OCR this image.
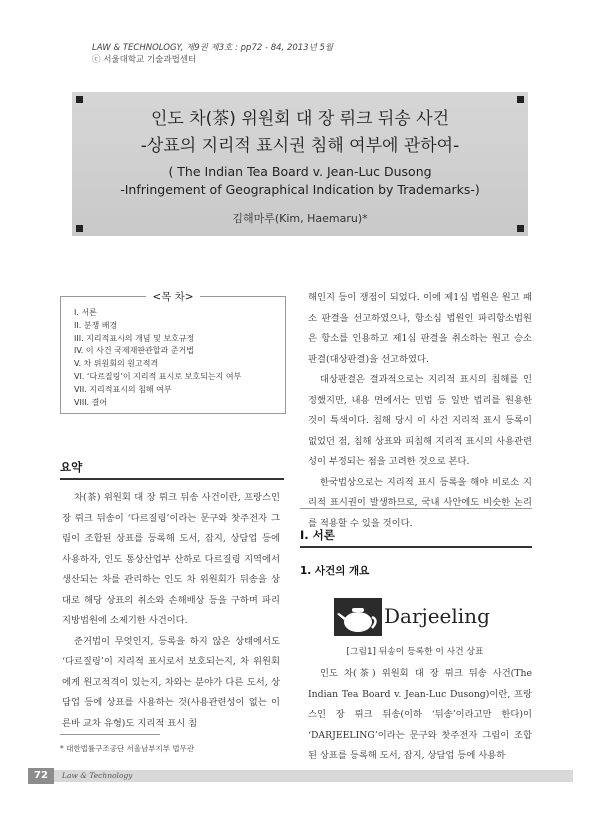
LAW & TECHNOLOGY, 제9권 제3호 : pp72 - 84, 2013년 5월
ⓒ 서울대학교 기술과법센터
인도 차(茶) 위원회 대 장 뤼크 뒤송 사건
-상표의 지리적 표시권 침해 여부에 관하여-
( The Indian Tea Board v. Jean-Luc Dusong
-Infringement of Geographical Indication by Trademarks-)
김해마루(Kim, Haemaru)*
<목 차>
I. 서론
II. 분쟁 배경
III. 지리적표시의 개념 및 보호규정
IV. 이 사건 국제재판관할과 준거법
V. 차 위원회의 원고적격
VI. ‘다르질링’이 지리적 표시로 보호되는지 여부
VII. 지리적표시의 침해 여부
VIII. 결어
요약

차(茶) 위원회 대 장 뤼크 뒤송 사건이란, 프랑스인 장 뤼크 뒤송이 ‘다르질링’이라는 문구와 찻주전자 그림이 조합된 상표를 등록해 도서, 잡지, 상담업 등에 사용하자, 인도 통상산업부 산하로 다르질링 지역에서 생산되는 차를 관리하는 인도 차 위원회가 뒤송을 상대로 해당 상표의 취소와 손해배상 등을 구하며 파리지방법원에 소제기한 사건이다.

준거법이 무엇인지, 등록을 하지 않은 상태에서도 ‘다르질링’이 지리적 표시로서 보호되는지, 차 위원회에게 원고적격이 있는지, 차와는 분야가 다른 도서, 상담업 등에 상표를 사용하는 것(사용관련성이 없는 이른바 교차 유형)도 지리적 표시 침

* 대한법률구조공단 서울남부지부 법무관

해인지 등이 쟁점이 되었다. 이에 제1심 법원은 원고 패소 판결을 선고하였으나, 항소심 법원인 파리항소법원은 항소를 인용하고 제1심 판결을 취소하는 원고 승소 판결(대상판결)을 선고하였다.

대상판결은 결과적으로는 지리적 표시의 침해를 인정했지만, 내용 면에서는 민법 등 일반 법리를 원용한 것이 특색이다. 침해 당시 이 사건 지리적 표시 등록이 없었던 점, 침해 상표와 피침해 지리적 표시의 사용관련성이 부정되는 점을 고려한 것으로 본다.

한국법상으로는 지리적 표시 등록을 해야 비로소 지리적 표시권이 발생하므로, 국내 사안에도 비슷한 논리를 적용할 수 있을 것이다.

I. 서론
1. 사건의 개요
Darjeeling
[그림1] 뒤송이 등록한 이 사건 상표

인도 차(茶) 위원회 대 장 뤼크 뒤송 사건(The Indian Tea Board v. Jean-Luc Dusong)이란, 프랑스인 장 뤼크 뒤송(이하 ‘뒤송’이라고만 한다)이 ‘DARJEELING’이라는 문구와 찻주전자 그림이 조합된 상표를 등록해 도서, 잡지, 상담업 등에 사용하

72	Law & Technology
